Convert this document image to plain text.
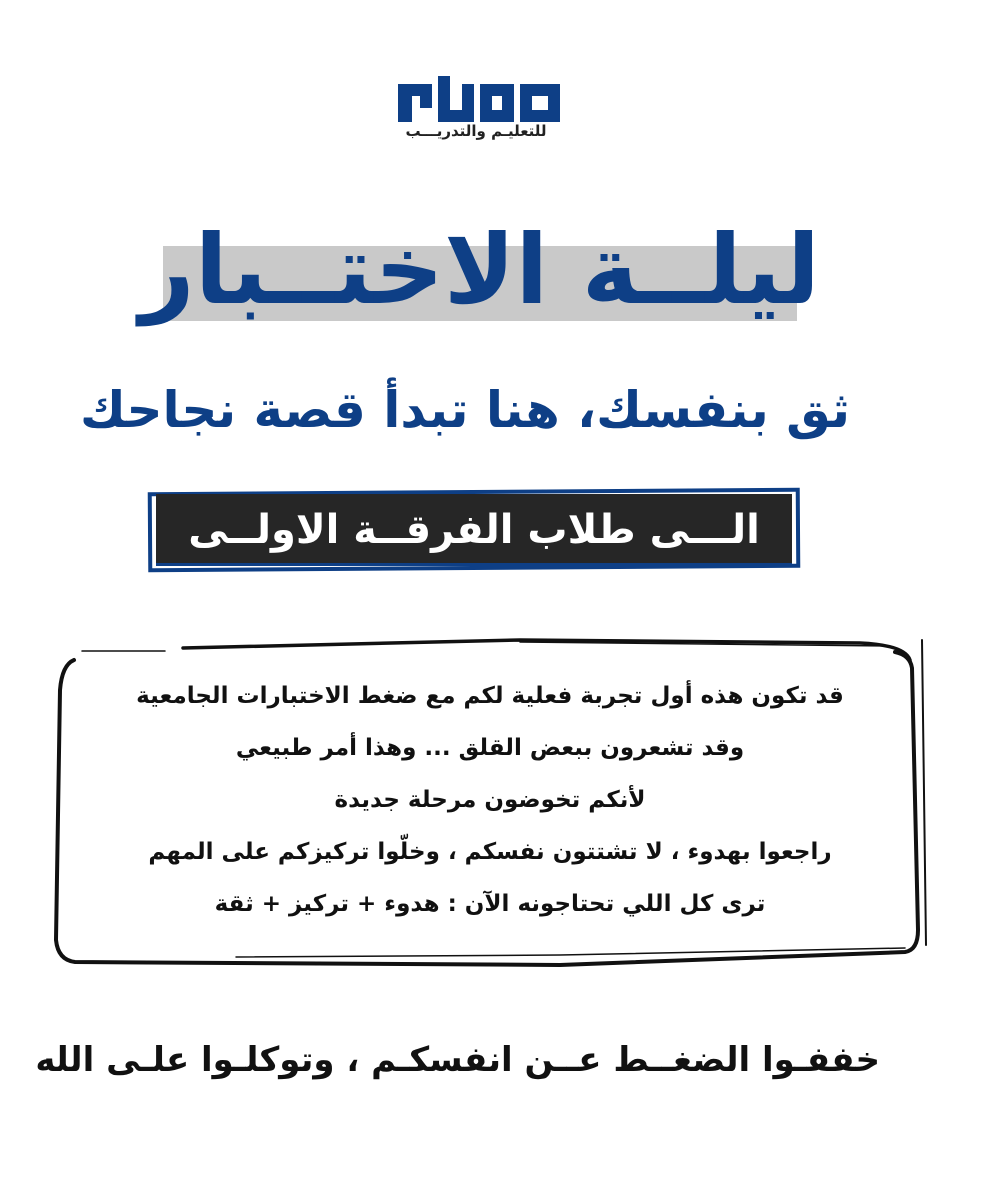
للتعليـم والتدريـــب
ليلــة الاختــبار
ثق بنفسك، هنا تبدأ قصة نجاحك
الـــى طلاب الفرقــة الاولــى
قد تكون هذه أول تجربة فعلية لكم مع ضغط الاختبارات الجامعية
وقد تشعرون ببعض القلق ... وهذا أمر طبيعي
لأنكم تخوضون مرحلة جديدة
راجعوا بهدوء ، لا تشتتون نفسكم ، وخلّوا تركيزكم على المهم
ترى كل اللي تحتاجونه الآن : هدوء + تركيز + ثقة
خففـوا الضغــط عــن انفسكـم ، وتوكلـوا علـى الله
